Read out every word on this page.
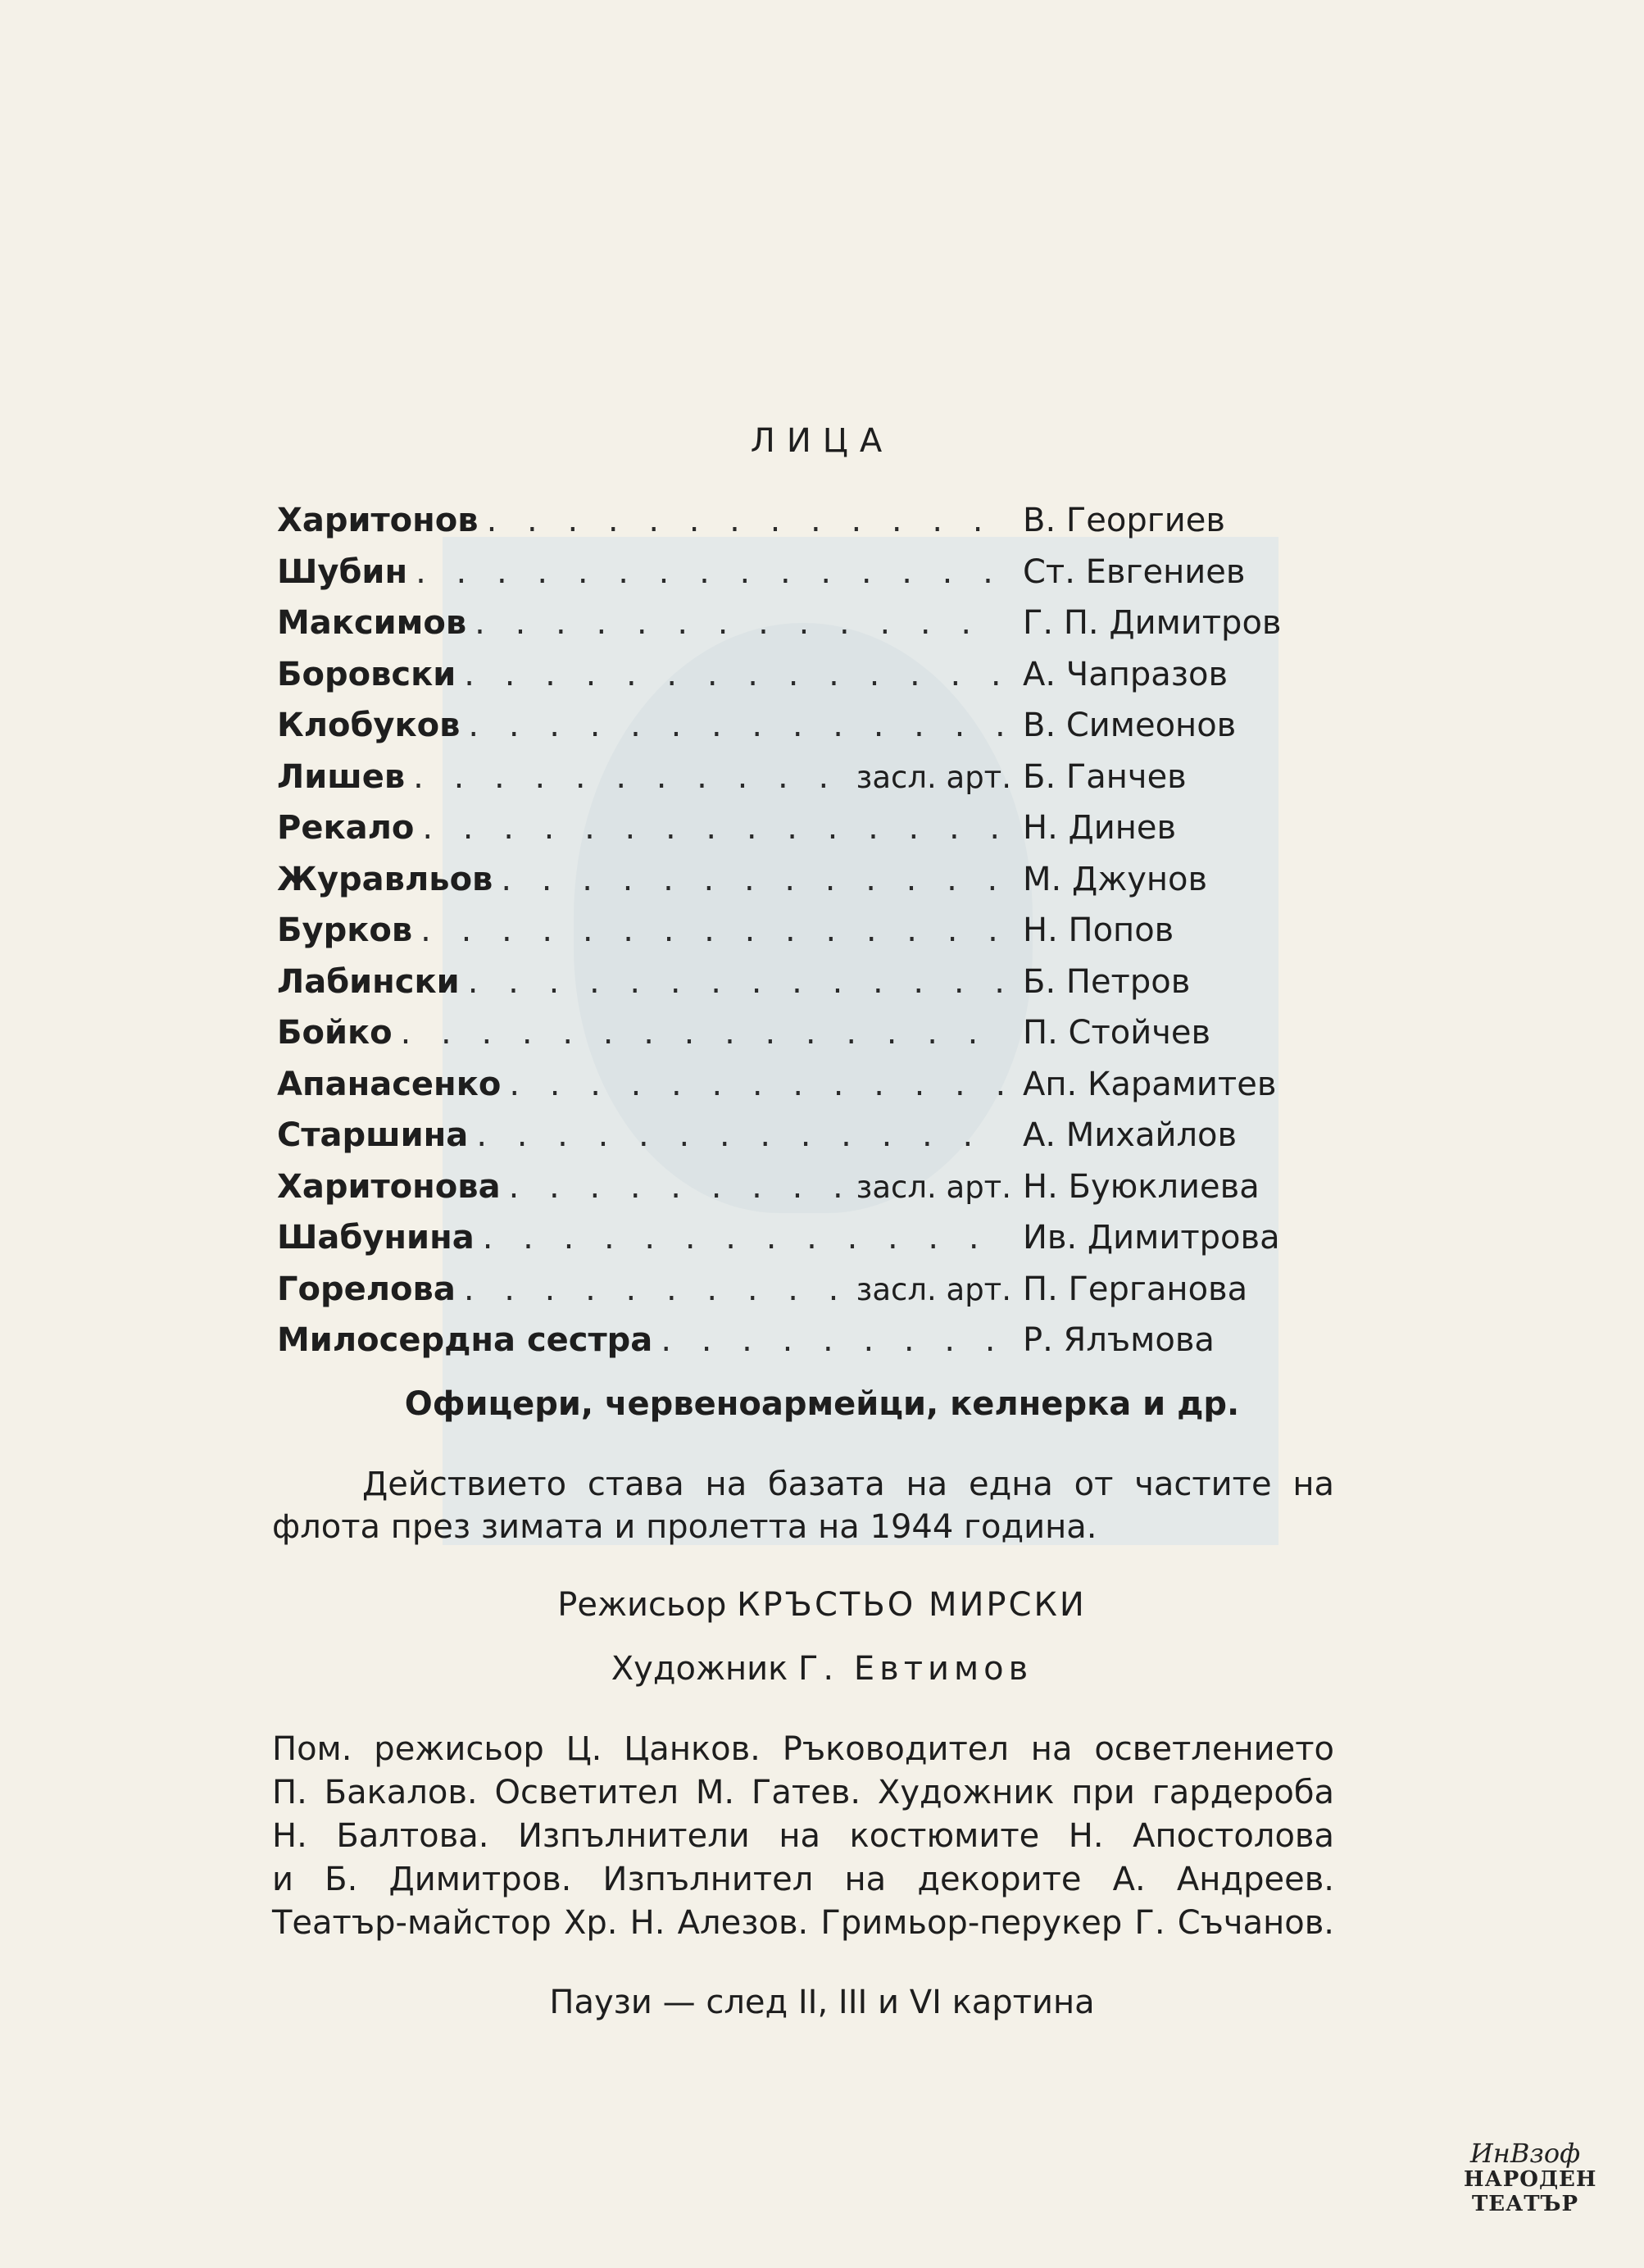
ЛИЦА
Харитонов . . .	В. Георгиев
Шубин . . .	Ст. Евгениев
Максимов . . .	Г. П. Димитров
Боровски . . .	А. Чапразов
Клобуков . . .	В. Симеонов
Лишев . . .	засл. арт. Б. Ганчев
Рекало . . .	Н. Динев
Журавльов . . .	М. Джунов
Бурков . . .	Н. Попов
Лабински . . .	Б. Петров
Бойко . . .	П. Стойчев
Апанасенко . . .	Ап. Карамитев
Старшина . . .	А. Михайлов
Харитонова . . .	засл. арт. Н. Буюклиева
Шабунина . . .	Ив. Димитрова
Горелова . . .	засл. арт. П. Герганова
Милосердна сестра . . .	Р. Ялъмова
Офицери, червеноармейци, келнерка и др.
Действието става на базата на една от частите на флота през зимата и пролетта на 1944 година.
Режисьор КРЪСТЬО МИРСКИ
Художник Г. Евтимов
Пом. режисьор Ц. Цанков. Ръководител на осветлението
П. Бакалов. Осветител М. Гатев. Художник при гардероба
Н. Балтова. Изпълнители на костюмите Н. Апостолова
и Б. Димитров. Изпълнител на декорите А. Андреев.
Театър-майстор Хр. Н. Алезов. Гримьор-перукер Г. Съчанов.
Паузи — след II, III и VI картина
ИнВзоф
НАРОДЕН
ТЕАТЪР
